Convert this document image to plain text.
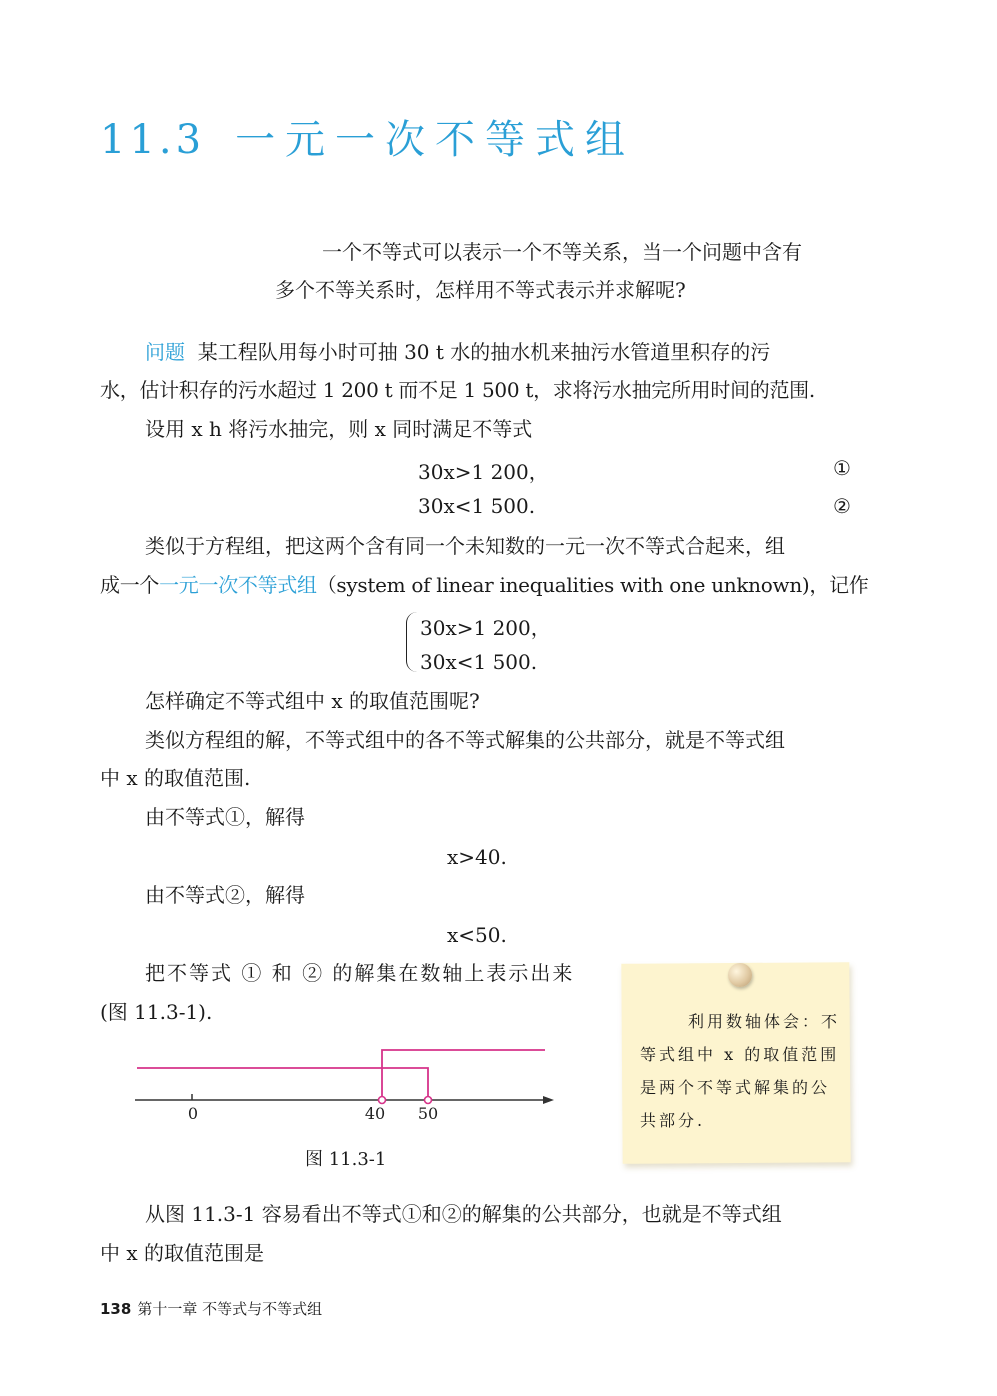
11.3 一元一次不等式组
一个不等式可以表示一个不等关系，当一个问题中含有
多个不等关系时，怎样用不等式表示并求解呢?
问题 某工程队用每小时可抽 30 t 水的抽水机来抽污水管道里积存的污
水，估计积存的污水超过 1 200 t 而不足 1 500 t，求将污水抽完所用时间的范围.
设用 x h 将污水抽完，则 x 同时满足不等式
30x>1 200，	①
30x<1 500.	②
类似于方程组，把这两个含有同一个未知数的一元一次不等式合起来，组
成一个一元一次不等式组（system of linear inequalities with one unknown)，记作
30x>1 200，
30x<1 500.
怎样确定不等式组中 x 的取值范围呢?
类似方程组的解，不等式组中的各不等式解集的公共部分，就是不等式组
中 x 的取值范围.
由不等式①，解得
x>40.
由不等式②，解得
x<50.
把不等式 ① 和 ② 的解集在数轴上表示出来
(图 11.3-1).
0	40 50
图 11.3-1
利用数轴体会：不
等式组中 x 的取值范围
是两个不等式解集的公
共部分.
从图 11.3-1 容易看出不等式①和②的解集的公共部分，也就是不等式组
中 x 的取值范围是
138 第十一章 不等式与不等式组
